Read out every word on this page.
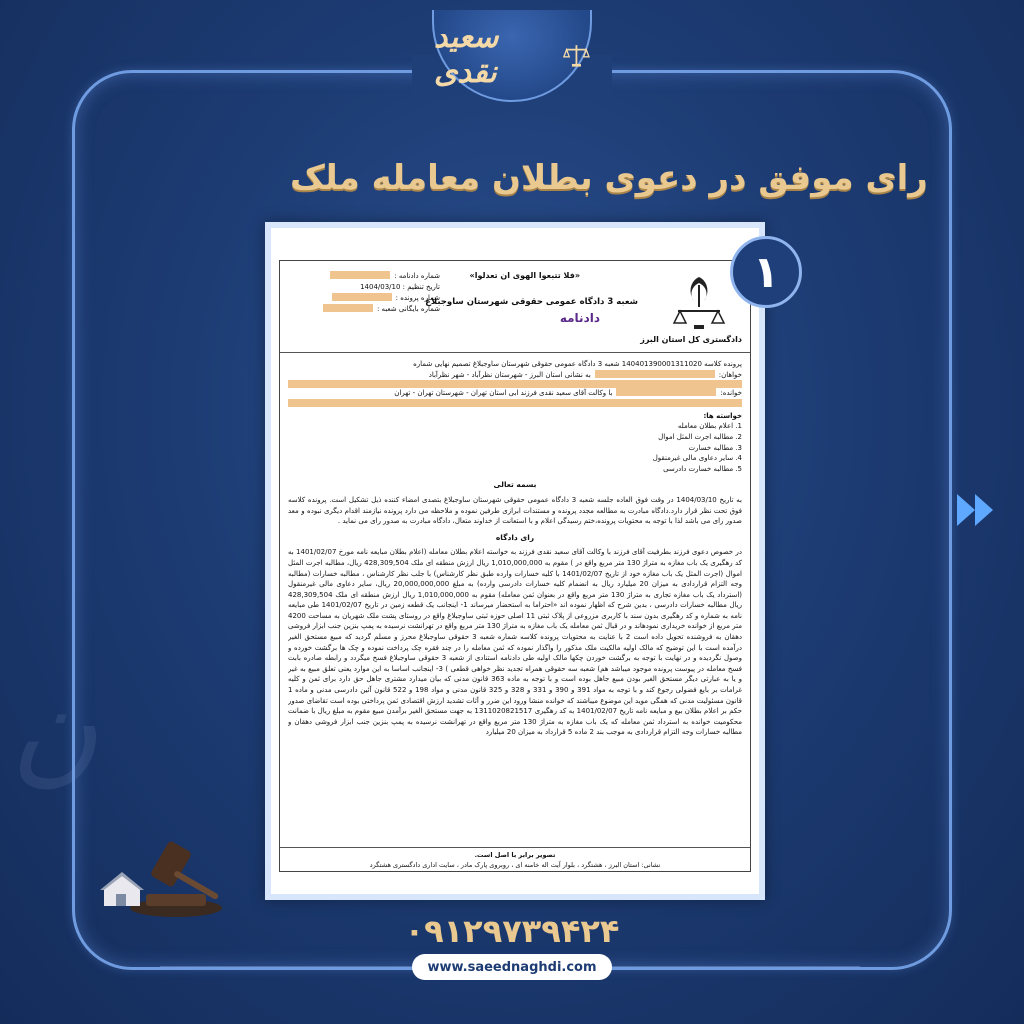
ن
سعید نقدی
رای موفق در دعوی بطلان معامله ملک
دادگستری کل استان البرز
«فلا تتبعوا الهوی ان تعدلوا»
شعبه 3 دادگاه عمومی حقوقی شهرستان ساوجبلاغ
دادنامه
شماره دادنامه :
تاریخ تنظیم : 1404/03/10
شماره پرونده :
شماره بایگانی شعبه :
پرونده کلاسه 140401390001311020 شعبه 3 دادگاه عمومی حقوقی شهرستان ساوجبلاغ تصمیم نهایی شماره
خواهان:
به نشانی استان البرز - شهرستان نظرآباد - شهر نظرآباد
خوانده:
با وکالت آقای سعید نقدی فرزند ابی استان تهران - شهرستان تهران - تهران
خواسته ها:
1. اعلام بطلان معامله
2. مطالبه اجرت المثل اموال
3. مطالبه خسارت
4. سایر دعاوی مالی غیرمنقول
5. مطالبه خسارت دادرسی
بسمه تعالی
به تاریخ 1404/03/10 در وقت فوق العاده جلسه شعبه 3 دادگاه عمومی حقوقی شهرستان ساوجبلاغ بتصدی امضاء کننده ذیل تشکیل است. پرونده کلاسه فوق تحت نظر قرار دارد.دادگاه مبادرت به مطالعه مجدد پرونده و مستندات ابرازی طرفین نموده و ملاحظه می دارد پرونده نیازمند اقدام دیگری نبوده و معد صدور رای می باشد لذا با توجه به محتویات پرونده،ختم رسیدگی اعلام و با استعانت از خداوند متعال، دادگاه مبادرت به صدور رای می نماید .
رای دادگاه
در خصوص دعوی فرزند بطرفیت آقای فرزند با وکالت آقای سعید نقدی فرزند به خواسته اعلام بطلان معامله (اعلام بطلان مبایعه نامه مورخ 1401/02/07 به کد رهگیری یک باب مغازه به متراژ 130 متر مربع واقع در ) مقوم به 1,010,000,000 ریال ارزش منطقه ای ملک 428,309,504 ریال، مطالبه اجرت المثل اموال (اجرت المثل یک باب مغازه خود از تاریخ 1401/02/07 با کلیه خسارات وارده طبق نظر کارشناس) با جلب نظر کارشناس ، مطالبه خسارات (مطالبه وجه التزام قراردادی به میزان 20 میلیارد ریال به انضمام کلیه خسارات دادرسی وارده) به مبلغ 20,000,000,000 ریال، سایر دعاوی مالی غیرمنقول (استرداد یک باب مغازه تجاری به متراژ 130 متر مربع واقع در بعنوان ثمن معامله) مقوم به 1,010,000,000 ریال ارزش منطقه ای ملک 428,309,504 ریال مطالبه خسارات دادرسی ، بدین شرح که اظهار نموده اند «احتراما به استحضار میرساند 1- اینجانب یک قطعه زمین در تاریخ 1401/02/07 طی مبایعه نامه به شماره و کد رهگیری بدون سند با کاربری مزروعی از پلاک ثبتی 11 اصلی حوزه ثبتی ساوجبلاغ واقع در روستای پشت ملک شهریان به مساحت 4200 متر مربع از خوانده خریداری نمودهاند و در قبال ثمن معامله یک باب مغازه به متراژ 130 متر مربع واقع در تهرانشت نرسیده به پمپ بنزین جنب ابزار فروشی دهقان به فروشنده تحویل داده است 2 با عنایت به محتویات پرونده کلاسه شماره شعبه 3 حقوقی ساوجبلاغ محرز و مسلم گردید که مبیع مستحق الغیر درآمده است با این توضیح که مالک اولیه مالکیت ملک مذکور را واگذار نموده که ثمن معامله را در چند فقره چک پرداخت نموده و چک ها برگشت خورده و وصول نگردیده و در نهایت با توجه به برگشت خوردن چکها مالک اولیه طی دادنامه استنادی از شعبه 3 حقوقی ساوجبلاغ فسخ میگردد و رابطه صادره بابت فسخ معامله در پیوست پرونده موجود میباشد هم) شعبه سه حقوقی همراه تجدید نظر خواهی قطعی ) 3- اینجانب اساسا به این موارد یعنی تعلق مبیع به غیر و یا به عبارتی دیگر مستحق الغیر بودن مبیع جاهل بوده است و با توجه به ماده 363 قانون مدنی که بیان میدارد مشتری جاهل حق دارد برای ثمن و کلیه غرامات بر بایع فضولی رجوع کند و با توجه به مواد 391 و 390 و 331 و 328 و 325 قانون مدنی و مواد 198 و 522 قانون آئین دادرسی مدنی و ماده 1 قانون مسئولیت مدنی که همگی موید این موضوع میباشند که خوانده منشا ورود این ضرر و آثات تشدید ارزش اقتصادی ثمن پرداختی بوده است تقاضای صدور حکم بر اعلام بطلان بیع و مبایعه نامه تاریخ 1401/02/07 به کد رهگیری 1311020821517 به جهت مستحق الغیر برآمدن مبیع مقوم به مبلغ ریال با ضمانت محکومیت خوانده به استرداد ثمن معامله که یک باب مغازه به متراژ 130 متر مربع واقع در تهرانشت نرسیده به پمپ بنزین جنب ابزار فروشی دهقان و مطالبه خسارات وجه التزام قراردادی به موجب بند 2 ماده 5 قرارداد به میزان 20 میلیارد
تصویر برابر با اصل است.
نشانی: استان البرز ، هشتگرد ، بلوار آیت اله خامنه ای ، روبروی پارک مادر ، سایت اداری دادگستری هشتگرد
۱
۰۹۱۲۹۷۳۹۴۲۴
www.saeednaghdi.com
